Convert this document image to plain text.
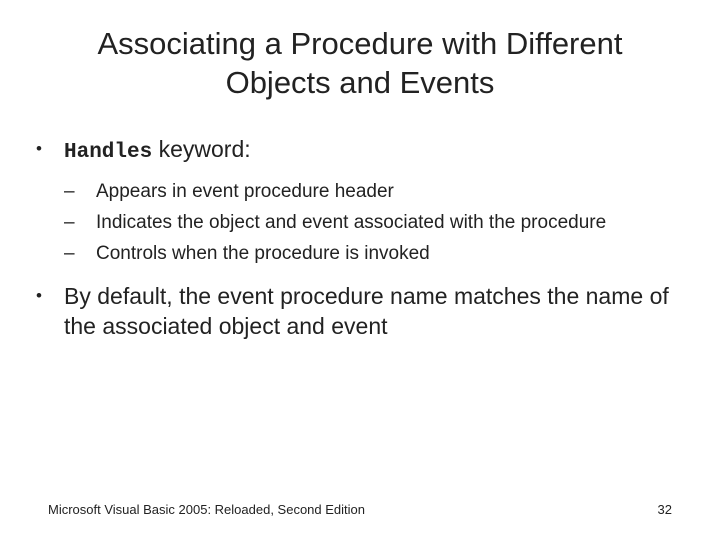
Associating a Procedure with Different
Objects and Events
• Handles keyword:
– Appears in event procedure header
– Indicates the object and event associated with the procedure
– Controls when the procedure is invoked
• By default, the event procedure name matches the name of the associated object and event
Microsoft Visual Basic 2005: Reloaded, Second Edition	32
